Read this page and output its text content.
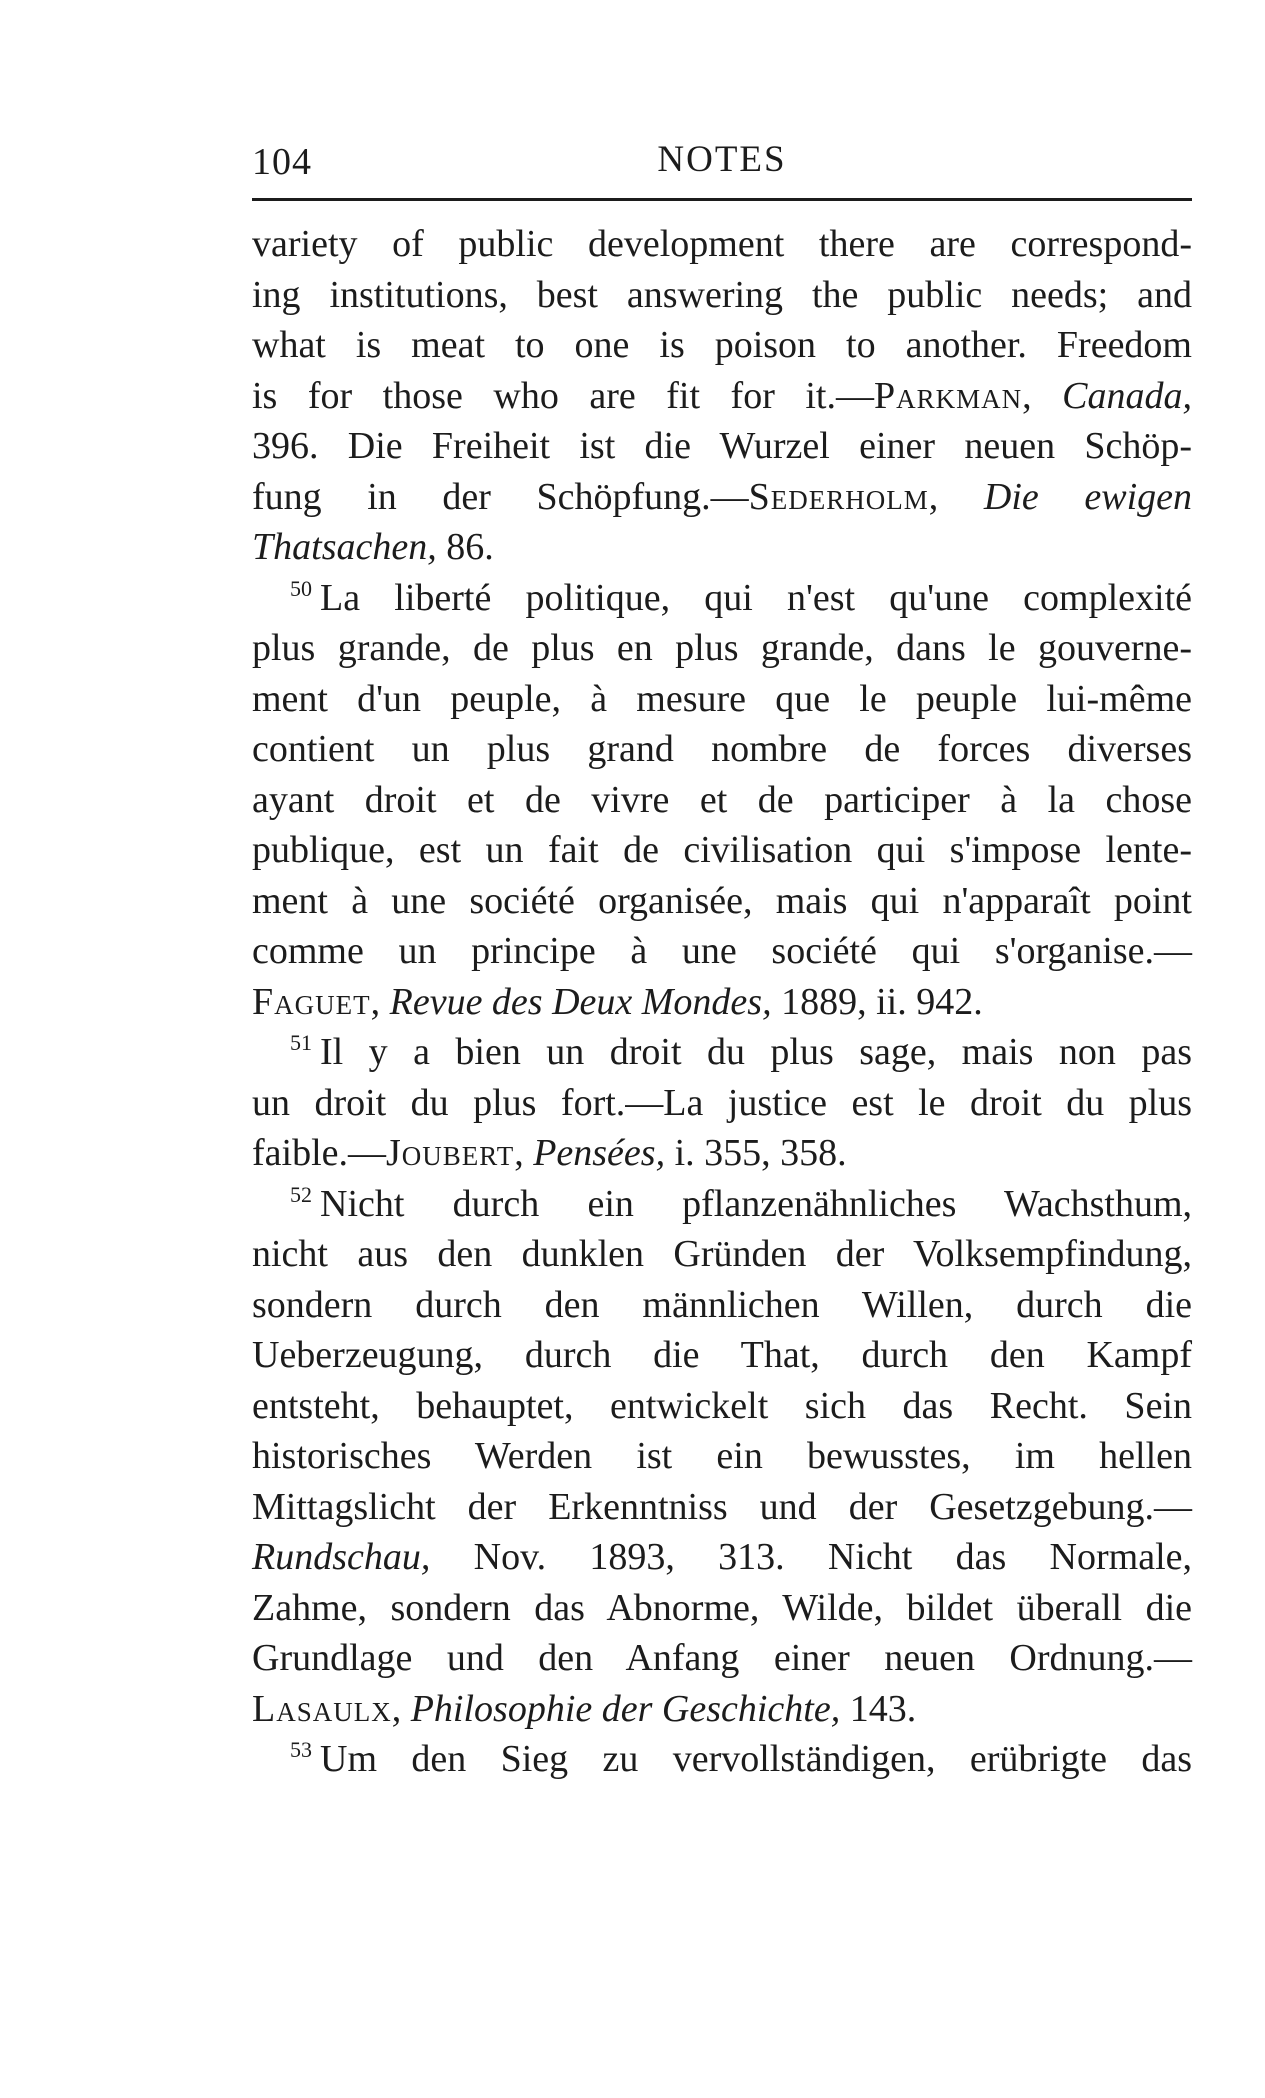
104	NOTES
variety of public development there are correspond-
ing institutions, best answering the public needs; and
what is meat to one is poison to another. Freedom
is for those who are fit for it.—Parkman, Canada,
396. Die Freiheit ist die Wurzel einer neuen Schöp-
fung in der Schöpfung.—Sederholm, Die ewigen
Thatsachen, 86.
$^{50}$ La liberté politique, qui n'est qu'une complexité
plus grande, de plus en plus grande, dans le gouverne-
ment d'un peuple, à mesure que le peuple lui-même
contient un plus grand nombre de forces diverses
ayant droit et de vivre et de participer à la chose
publique, est un fait de civilisation qui s'impose lente-
ment à une société organisée, mais qui n'apparaît point
comme un principe à une société qui s'organise.—
Faguet, Revue des Deux Mondes, 1889, ii. 942.
$^{51}$ Il y a bien un droit du plus sage, mais non pas
un droit du plus fort.—La justice est le droit du plus
faible.—Joubert, Pensées, i. 355, 358.
$^{52}$ Nicht durch ein pflanzenähnliches Wachsthum,
nicht aus den dunklen Gründen der Volksempfindung,
sondern durch den männlichen Willen, durch die
Ueberzeugung, durch die That, durch den Kampf
entsteht, behauptet, entwickelt sich das Recht. Sein
historisches Werden ist ein bewusstes, im hellen
Mittagslicht der Erkenntniss und der Gesetzgebung.—
Rundschau, Nov. 1893, 313. Nicht das Normale,
Zahme, sondern das Abnorme, Wilde, bildet überall die
Grundlage und den Anfang einer neuen Ordnung.—
Lasaulx, Philosophie der Geschichte, 143.
$^{53}$ Um den Sieg zu vervollständigen, erübrigte das
